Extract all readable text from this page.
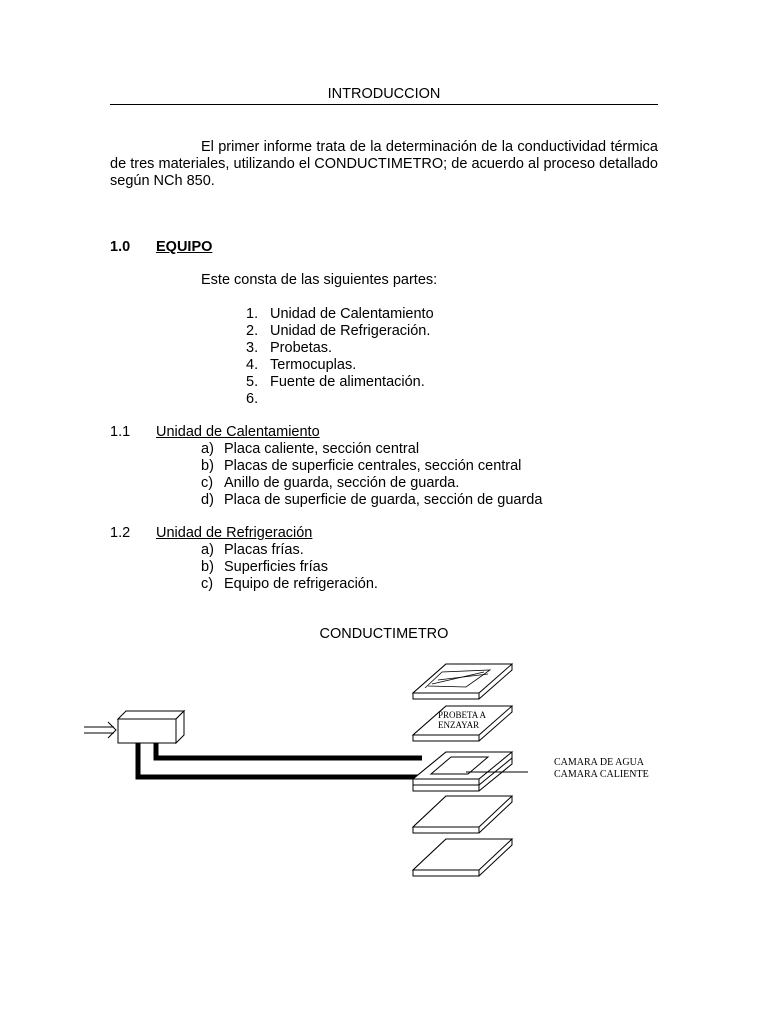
INTRODUCCION
El primer informe trata de la determinación de la conductividad térmica de tres materiales, utilizando el CONDUCTIMETRO; de acuerdo al proceso detallado según NCh 850.
1.0 EQUIPO
Este consta de las siguientes partes:
1. Unidad de Calentamiento
2. Unidad de Refrigeración.
3. Probetas.
4. Termocuplas.
5. Fuente de alimentación.
6.
1.1 Unidad de Calentamiento
a) Placa caliente, sección central
b) Placas de superficie centrales, sección central
c) Anillo de guarda, sección de guarda.
d) Placa de superficie de guarda, sección de guarda
1.2 Unidad de Refrigeración
a) Placas frías.
b) Superficies frías
c) Equipo de refrigeración.
CONDUCTIMETRO
PROBETA A
ENZAYAR
CAMARA DE AGUA
CAMARA CALIENTE
